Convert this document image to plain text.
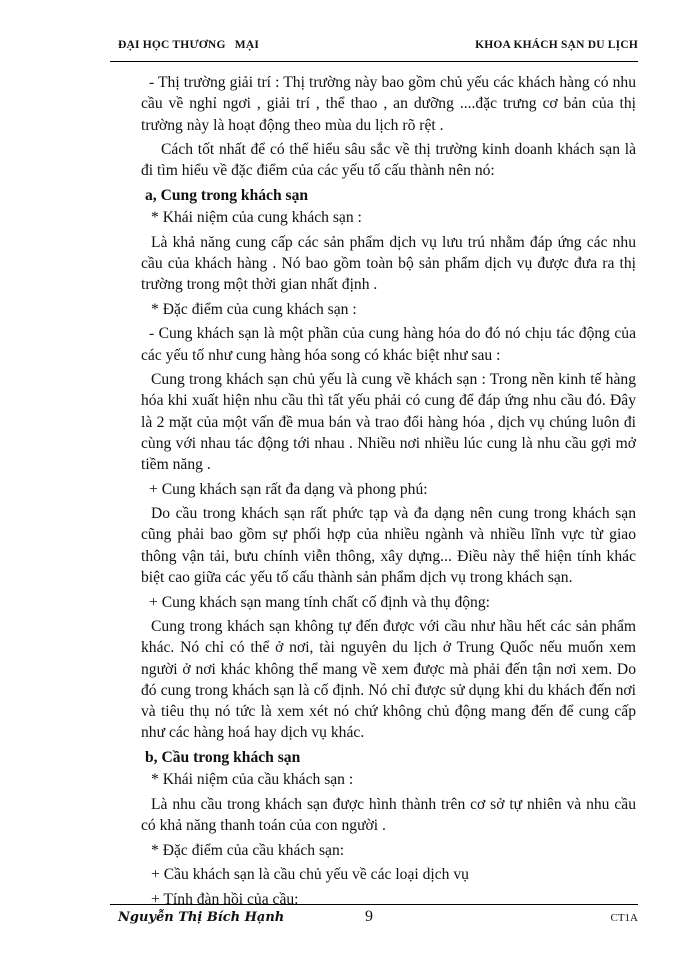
ĐẠI HỌC THƯƠNG   MẠI	KHOA KHÁCH SẠN DU LỊCH

- Thị trường giải trí : Thị trường này bao gồm chủ yếu các khách hàng có nhu cầu về nghỉ ngơi , giải trí , thể thao , an dưỡng ....đặc trưng cơ bản của thị trường này là hoạt động theo mùa du lịch rõ rệt .

Cách tốt nhất để có thể hiểu sâu sắc về thị trường kinh doanh khách sạn là đi tìm hiểu về đặc điểm của các yếu tố cấu thành nên nó:

a, Cung trong khách sạn

* Khái niệm của cung khách sạn :

Là khả năng cung cấp các sản phẩm dịch vụ lưu trú nhằm đáp ứng các nhu cầu của khách hàng . Nó bao gồm toàn bộ sản phẩm dịch vụ được đưa ra thị trường trong một thời gian nhất định .

* Đặc điểm của cung khách sạn :

- Cung khách sạn là một phần của cung hàng hóa do đó nó chịu tác động của các yếu tố như cung hàng hóa song có khác biệt như sau :

Cung trong khách sạn chủ yếu là cung về khách sạn : Trong nền kinh tế hàng hóa khi xuất hiện nhu cầu thì tất yếu phải có cung để đáp ứng nhu cầu đó. Đây là 2 mặt của một vấn đề mua bán và trao đổi hàng hóa , dịch vụ chúng luôn đi cùng với nhau tác động tới nhau . Nhiều nơi nhiều lúc cung là nhu cầu gợi mở tiềm năng .

+ Cung khách sạn rất đa dạng và phong phú:

Do cầu trong khách sạn rất phức tạp và đa dạng nên cung trong khách sạn cũng phải bao gồm sự phối hợp của nhiều ngành và nhiều lĩnh vực từ giao thông vận tải, bưu chính viễn thông, xây dựng... Điều này thể hiện tính khác biệt cao giữa các yếu tố cấu thành sản phẩm dịch vụ trong khách sạn.

+ Cung khách sạn mang tính chất cố định và thụ động:

Cung trong khách sạn không tự đến được với cầu như hầu hết các sản phẩm khác. Nó chỉ có thể ở nơi, tài nguyên du lịch ở Trung Quốc nếu muốn xem người ở nơi khác không thể mang về xem được mà phải đến tận nơi xem. Do đó cung trong khách sạn là cố định. Nó chỉ được sử dụng khi du khách đến nơi và tiêu thụ nó tức là xem xét nó chứ không chủ động mang đến để cung cấp như các hàng hoá hay dịch vụ khác.

b, Cầu trong khách sạn

* Khái niệm của cầu khách sạn :

Là nhu cầu trong khách sạn được hình thành trên cơ sở tự nhiên và nhu cầu có khả năng thanh toán của con người .

* Đặc điểm của cầu khách sạn:

+ Cầu khách sạn là cầu chủ yếu về các loại dịch vụ

+ Tính đàn hồi của cầu:

Nguyễn Thị Bích Hạnh	9	CT1A
